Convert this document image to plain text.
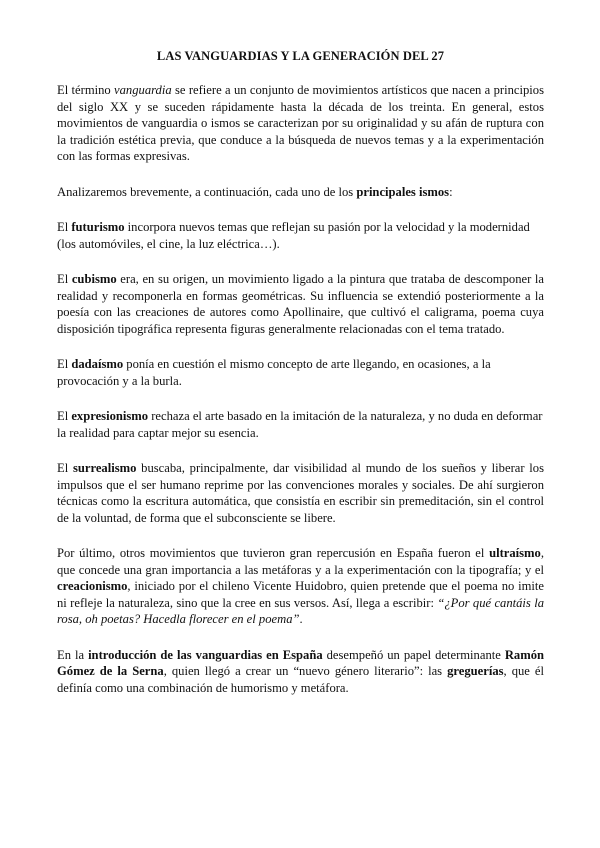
LAS VANGUARDIAS Y LA GENERACIÓN DEL 27

El término vanguardia se refiere a un conjunto de movimientos artísticos que nacen a principios del siglo XX y se suceden rápidamente hasta la década de los treinta. En general, estos movimientos de vanguardia o ismos se caracterizan por su originalidad y su afán de ruptura con la tradición estética previa, que conduce a la búsqueda de nuevos temas y a la experimentación con las formas expresivas.

Analizaremos brevemente, a continuación, cada uno de los principales ismos:

El futurismo incorpora nuevos temas que reflejan su pasión por la velocidad y la modernidad (los automóviles, el cine, la luz eléctrica…).

El cubismo era, en su origen, un movimiento ligado a la pintura que trataba de descomponer la realidad y recomponerla en formas geométricas. Su influencia se extendió posteriormente a la poesía con las creaciones de autores como Apollinaire, que cultivó el caligrama, poema cuya disposición tipográfica representa figuras generalmente relacionadas con el tema tratado.

El dadaísmo ponía en cuestión el mismo concepto de arte llegando, en ocasiones, a la provocación y a la burla.

El expresionismo rechaza el arte basado en la imitación de la naturaleza, y no duda en deformar la realidad para captar mejor su esencia.

El surrealismo buscaba, principalmente, dar visibilidad al mundo de los sueños y liberar los impulsos que el ser humano reprime por las convenciones morales y sociales. De ahí surgieron técnicas como la escritura automática, que consistía en escribir sin premeditación, sin el control de la voluntad, de forma que el subconsciente se libere.

Por último, otros movimientos que tuvieron gran repercusión en España fueron el ultraísmo, que concede una gran importancia a las metáforas y a la experimentación con la tipografía; y el creacionismo, iniciado por el chileno Vicente Huidobro, quien pretende que el poema no imite ni refleje la naturaleza, sino que la cree en sus versos. Así, llega a escribir: “¿Por qué cantáis la rosa, oh poetas? Hacedla florecer en el poema”.

En la introducción de las vanguardias en España desempeñó un papel determinante Ramón Gómez de la Serna, quien llegó a crear un “nuevo género literario”: las greguerías, que él definía como una combinación de humorismo y metáfora.
